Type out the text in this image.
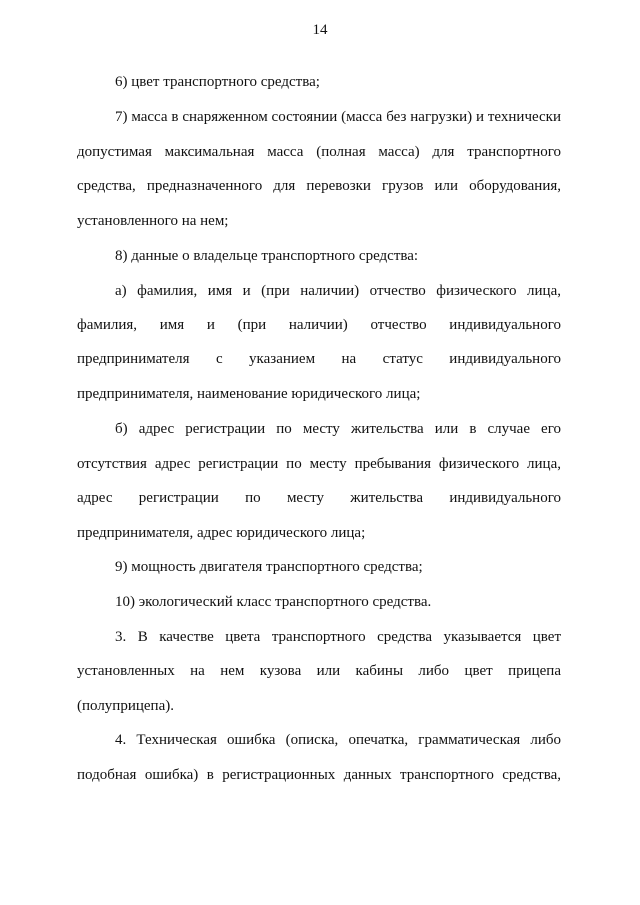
14
6) цвет транспортного средства;
7) масса в снаряженном состоянии (масса без нагрузки) и технически
допустимая максимальная масса (полная масса) для транспортного
средства, предназначенного для перевозки грузов или оборудования,
установленного на нем;
8) данные о владельце транспортного средства:
а) фамилия, имя и (при наличии) отчество физического лица,
фамилия, имя и (при наличии) отчество индивидуального
предпринимателя с указанием на статус индивидуального
предпринимателя, наименование юридического лица;
б) адрес регистрации по месту жительства или в случае его
отсутствия адрес регистрации по месту пребывания физического лица,
адрес регистрации по месту жительства индивидуального
предпринимателя, адрес юридического лица;
9) мощность двигателя транспортного средства;
10) экологический класс транспортного средства.
3. В качестве цвета транспортного средства указывается цвет
установленных на нем кузова или кабины либо цвет прицепа
(полуприцепа).
4. Техническая ошибка (описка, опечатка, грамматическая либо
подобная ошибка) в регистрационных данных транспортного средства,
